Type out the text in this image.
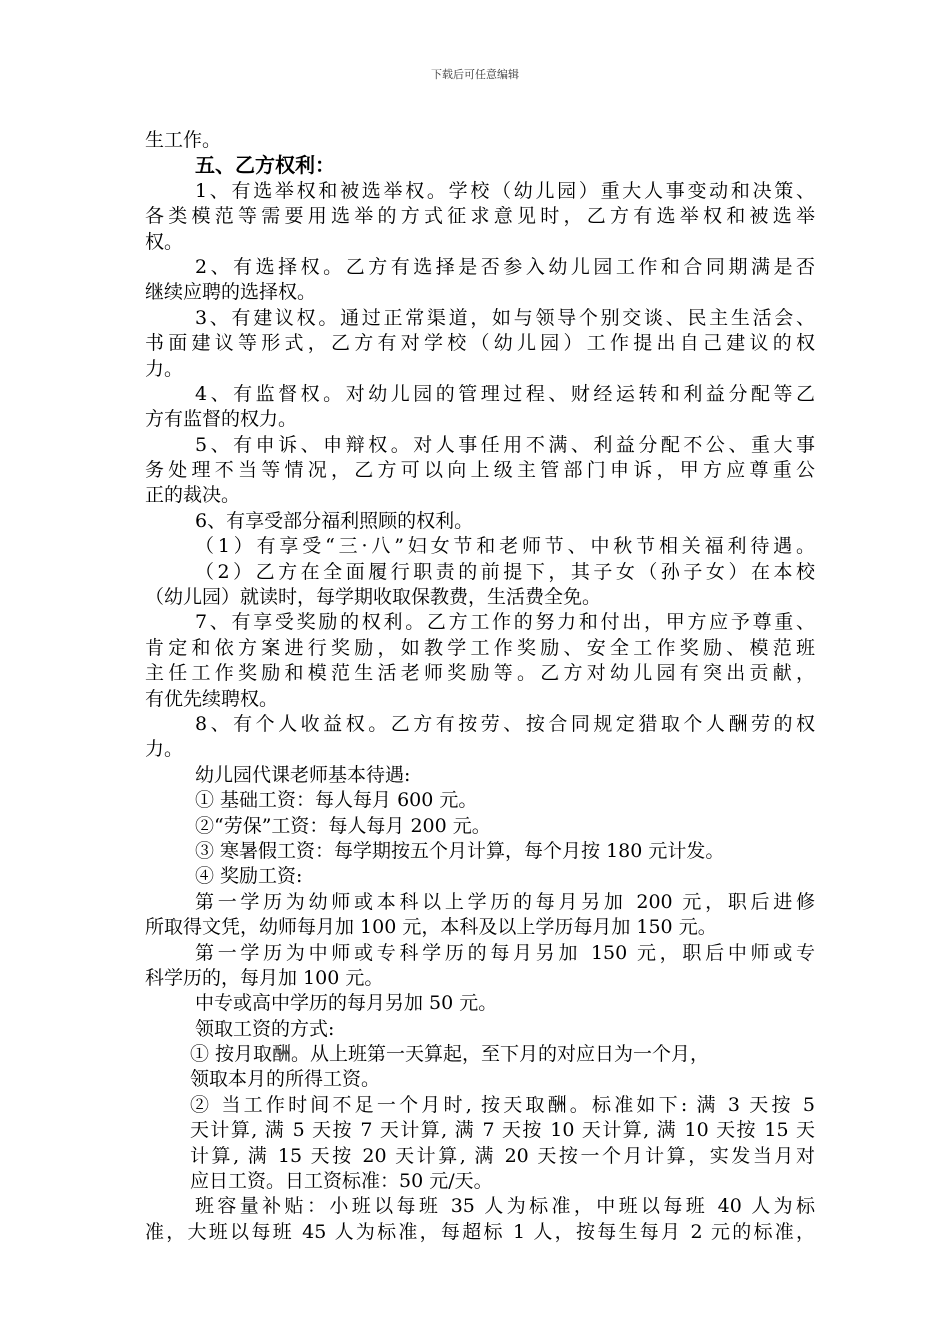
下载后可任意编辑
生工作。
五、乙方权利：
1、有选举权和被选举权。学校（幼儿园）重大人事变动和决策、
各类模范等需要用选举的方式征求意见时，乙方有选举权和被选举
权。
2、有选择权。乙方有选择是否参入幼儿园工作和合同期满是否
继续应聘的选择权。
3、有建议权。通过正常渠道，如与领导个别交谈、民主生活会、
书面建议等形式，乙方有对学校（幼儿园）工作提出自己建议的权
力。
4、有监督权。对幼儿园的管理过程、财经运转和利益分配等乙
方有监督的权力。
5、有申诉、申辩权。对人事任用不满、利益分配不公、重大事
务处理不当等情况，乙方可以向上级主管部门申诉，甲方应尊重公
正的裁决。
6、有享受部分福利照顾的权利。
（1）有享受“三·八”妇女节和老师节、中秋节相关福利待遇。
（2）乙方在全面履行职责的前提下，其子女（孙子女）在本校
（幼儿园）就读时，每学期收取保教费，生活费全免。
7、有享受奖励的权利。乙方工作的努力和付出，甲方应予尊重、
肯定和依方案进行奖励，如教学工作奖励、安全工作奖励、模范班
主任工作奖励和模范生活老师奖励等。乙方对幼儿园有突出贡献，
有优先续聘权。
8、有个人收益权。乙方有按劳、按合同规定猎取个人酬劳的权
力。
幼儿园代课老师基本待遇:
① 基础工资：每人每月 600 元。
②“劳保”工资：每人每月 200 元。
③ 寒暑假工资：每学期按五个月计算，每个月按 180 元计发。
④ 奖励工资:
第一学历为幼师或本科以上学历的每月另加 200 元，职后进修
所取得文凭，幼师每月加 100 元，本科及以上学历每月加 150 元。
第一学历为中师或专科学历的每月另加 150 元，职后中师或专
科学历的，每月加 100 元。
中专或高中学历的每月另加 50 元。
领取工资的方式:
① 按月取酬。从上班第一天算起，至下月的对应日为一个月，
领取本月的所得工资。
② 当工作时间不足一个月时, 按天取酬。标准如下: 满 3 天按 5
天计算, 满 5 天按 7 天计算, 满 7 天按 10 天计算, 满 10 天按 15 天
计算, 满 15 天按 20 天计算, 满 20 天按一个月计算，实发当月对
应日工资。日工资标准：50 元/天。
班容量补贴：小班以每班 35 人为标准，中班以每班 40 人为标
准，大班以每班 45 人为标准，每超标 1 人，按每生每月 2 元的标准，
